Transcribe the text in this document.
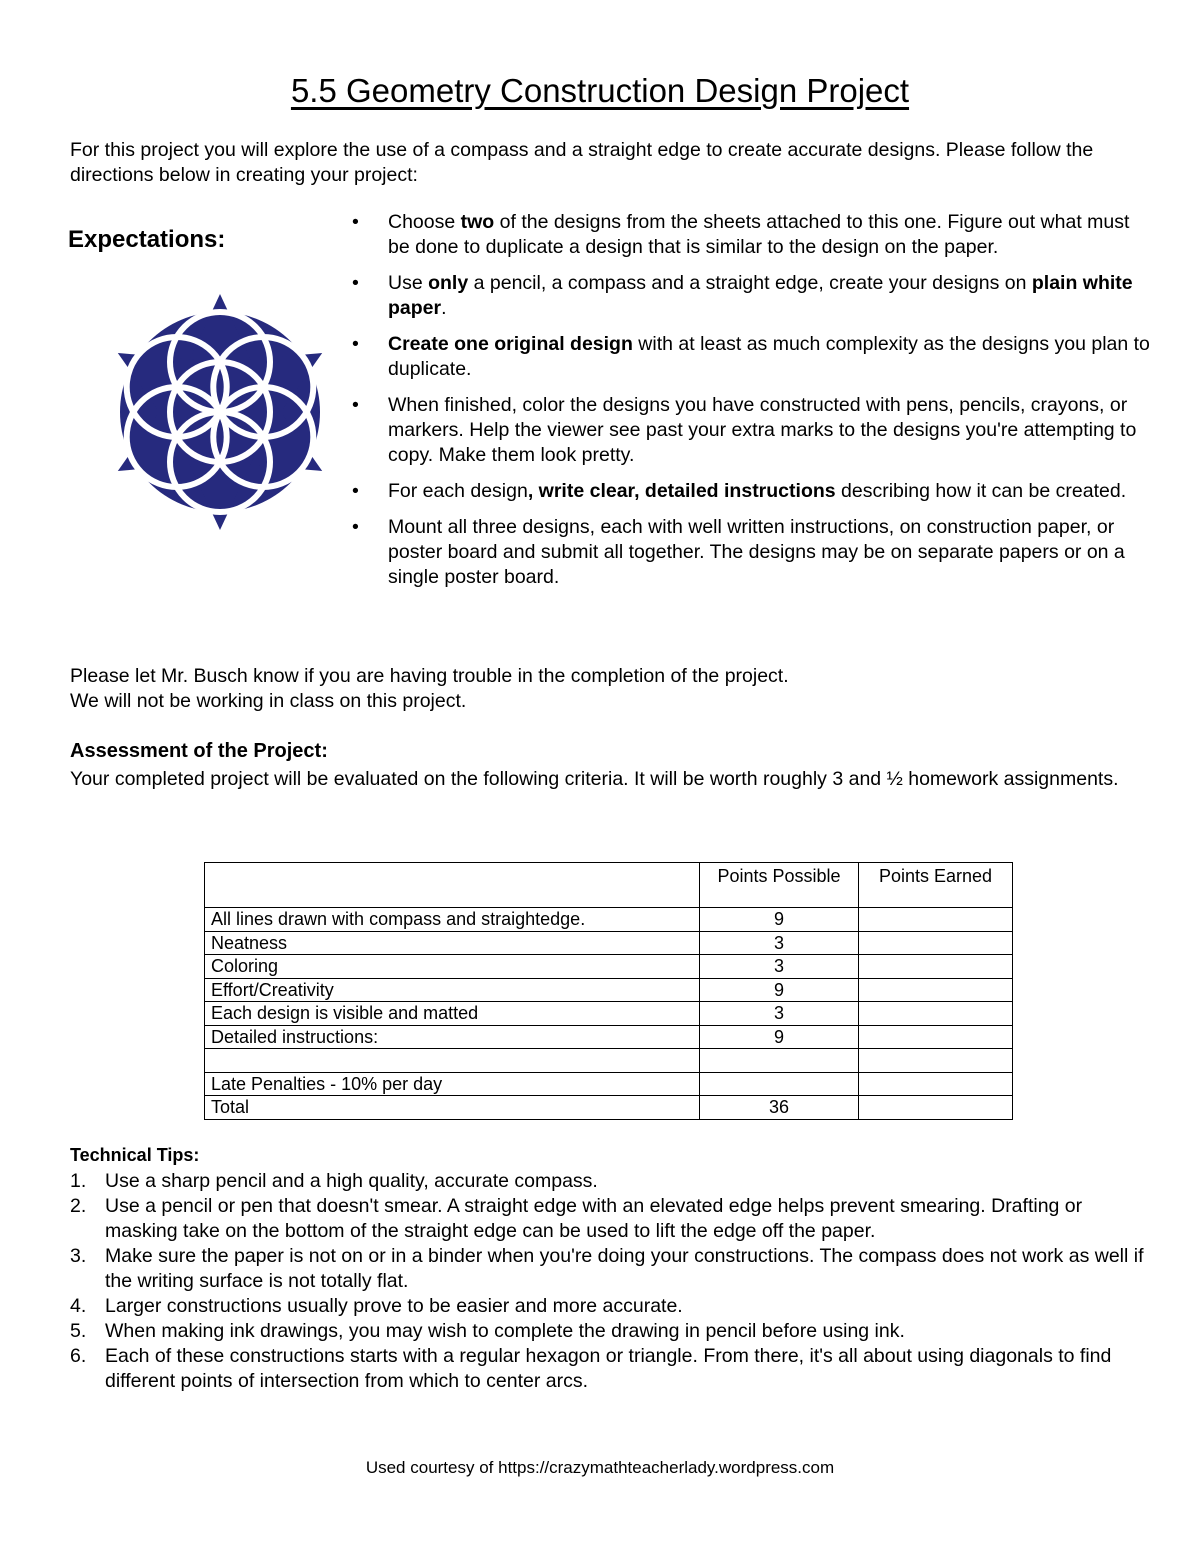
5.5 Geometry Construction Design Project
For this project you will explore the use of a compass and a straight edge to create accurate designs. Please follow the directions below in creating your project:
Expectations:
• Choose two of the designs from the sheets attached to this one. Figure out what must be done to duplicate a design that is similar to the design on the paper.
• Use only a pencil, a compass and a straight edge, create your designs on plain white paper.
• Create one original design with at least as much complexity as the designs you plan to duplicate.
• When finished, color the designs you have constructed with pens, pencils, crayons, or markers. Help the viewer see past your extra marks to the designs you're attempting to copy. Make them look pretty.
• For each design, write clear, detailed instructions describing how it can be created.
• Mount all three designs, each with well written instructions, on construction paper, or poster board and submit all together. The designs may be on separate papers or on a single poster board.
Please let Mr. Busch know if you are having trouble in the completion of the project.
We will not be working in class on this project.
Assessment of the Project:
Your completed project will be evaluated on the following criteria. It will be worth roughly 3 and ½ homework assignments.
	Points Possible	Points Earned
All lines drawn with compass and straightedge.	9	
Neatness	3	
Coloring	3	
Effort/Creativity	9	
Each design is visible and matted	3	
Detailed instructions:	9	

Late Penalties - 10% per day		
Total	36	
Technical Tips:
1. Use a sharp pencil and a high quality, accurate compass.
2. Use a pencil or pen that doesn't smear. A straight edge with an elevated edge helps prevent smearing. Drafting or masking take on the bottom of the straight edge can be used to lift the edge off the paper.
3. Make sure the paper is not on or in a binder when you're doing your constructions. The compass does not work as well if the writing surface is not totally flat.
4. Larger constructions usually prove to be easier and more accurate.
5. When making ink drawings, you may wish to complete the drawing in pencil before using ink.
6. Each of these constructions starts with a regular hexagon or triangle. From there, it's all about using diagonals to find different points of intersection from which to center arcs.
Used courtesy of https://crazymathteacherlady.wordpress.com
